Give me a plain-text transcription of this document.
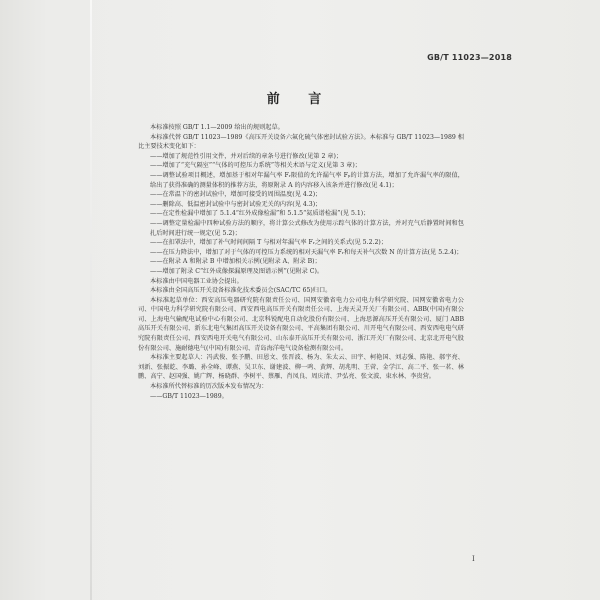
GB/T 11023—2018
前 言

本标准按照 GB/T 1.1—2009 给出的规则起草。

本标准代替 GB/T 11023—1989《高压开关设备六氟化硫气体密封试验方法》。本标准与 GB/T 11023—1989 相比主要技术变化如下：

——增加了规范性引用文件，并对后续的章条号进行修改(见第 2 章)；

——增加了“充气隔室”“气体的可控压力系统”等相关术语与定义(见第 3 章)；

——调整试验项目概述，增加基于相对年漏气率 Fᵣ限值的允许漏气率 Fₚ的计算方法，增加了允许漏气率的限值，给出了获得准确的测量体积的推荐方法，将原附录 A 的内容移入该条并进行修改(见 4.1)；

——在常温下的密封试验中，增加可接受的周围温度(见 4.2)；

——删除高、低温密封试验中与密封试验无关的内容(见 4.3)；

——在定性检漏中增加了 5.1.4“红外成像检漏”和 5.1.5“氦质谱检漏”(见 5.1)；

——调整定量检漏中四种试验方法的顺序，将计算公式修改为使用示踪气体的计算方法，并对充气后静置时间和包扎后时间进行统一规定(见 5.2)；

——在扣罩法中，增加了补气时间间隔 T 与相对年漏气率 Fᵣ之间的关系式(见 5.2.2)；

——在压力降法中，增加了对于气体的可控压力系统的相对天漏气率 Fᵣ和每天补气次数 N 的计算方法(见 5.2.4)；

——在附录 A 和附录 B 中增加相关示例(见附录 A、附录 B)；

——增加了附录 C“红外成像探漏原理及图谱示例”(见附录 C)。

本标准由中国电器工业协会提出。

本标准由全国高压开关设备标准化技术委员会(SAC/TC 65)归口。

本标准起草单位：西安高压电器研究院有限责任公司、国网安徽省电力公司电力科学研究院、国网安徽省电力公司、中国电力科学研究院有限公司、西安西电高压开关有限责任公司、上海天灵开关厂有限公司、ABB(中国)有限公司、上海电气输配电试验中心有限公司、北京科锐配电自动化股份有限公司、上海思源高压开关有限公司、厦门 ABB 高压开关有限公司、新东北电气集团高压开关设备有限公司、平高集团有限公司、川开电气有限公司、西安西电电气研究院有限责任公司、西安西电开关电气有限公司、山东泰开高压开关有限公司、浙江开关厂有限公司、北京北开电气股份有限公司、施耐德电气(中国)有限公司、青岛海洋电气设备检测有限公司。

本标准主要起草人：冯武俊、张予鹏、田恩文、张晋波、杨为、朱太云、田宇、柯艳国、刘志强、陈艳、郝宇亮、刘新、张振乾、李璐、孙全峰、谭燕、吴卫东、谢建波、柳一鸣、黄辉、胡兆明、王菅、金学江、高二平、张一茗、林鹏、高宁、赵国强、姚广辉、杨晓群、李树平、蔡雁、肖凤良、周庆清、尹弘亮、张文波、束水林、李贵营。

本标准所代替标准的历次版本发布情况为：

——GB/T 11023—1989。

I
